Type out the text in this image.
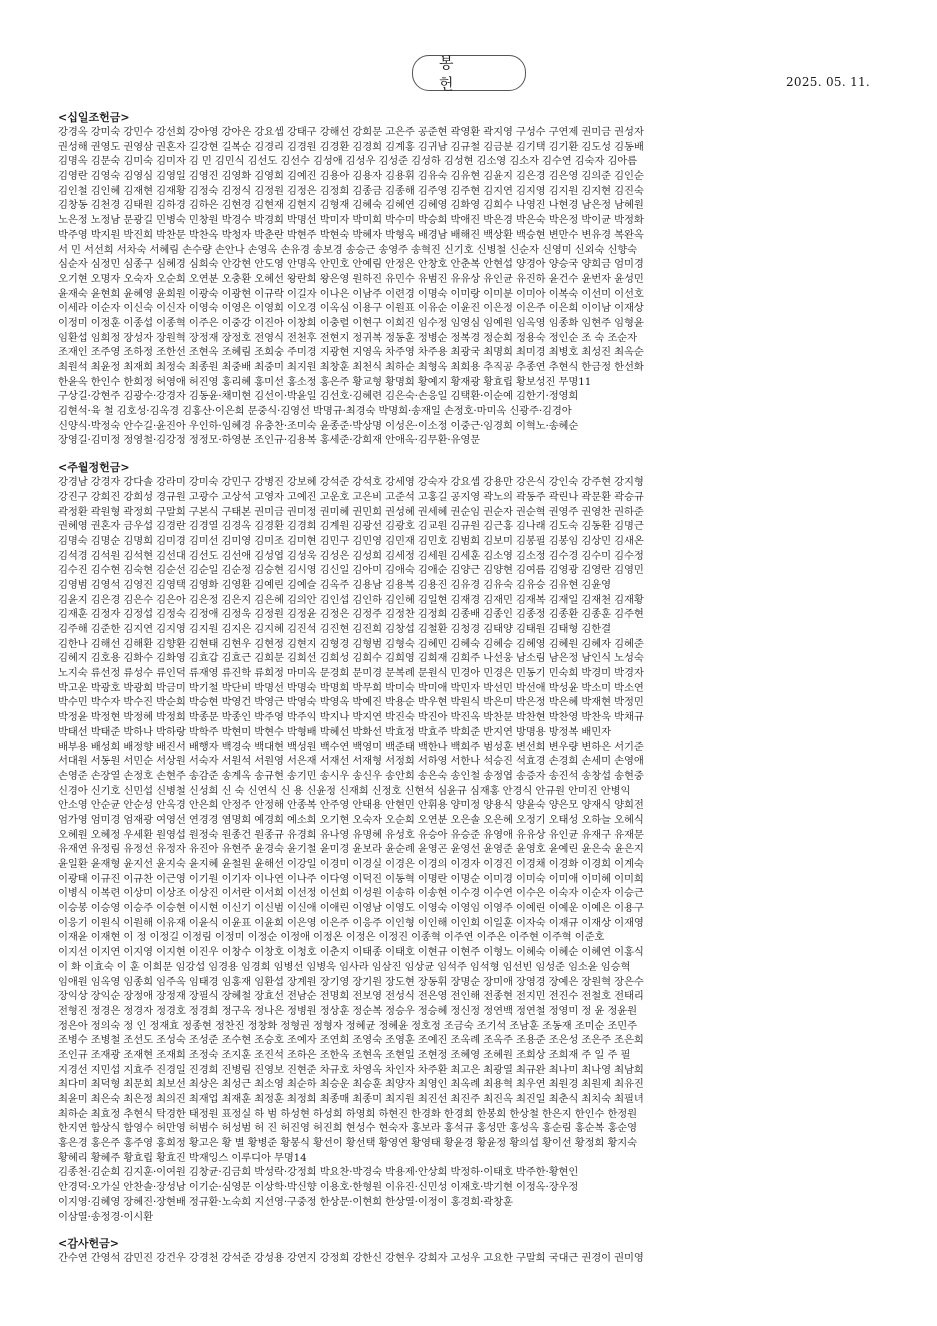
봉 헌	2025. 05. 11.
<십일조헌금>
강경옥 강미숙 강민수 강선희 강아영 강아은 강요셉 강태구 강해선 강희문 고은주 공준현 곽영환 곽지영 구성수 구연제 권미금 권성자
권성해 권영도 권영삼 권혼자 길강현 길복순 김경리 김경원 김경환 김경희 김계홍 김귀남 김규철 김금분 김기택 김기환 김도성 김동배
김명옥 김문숙 김미숙 김미자 김 민 김민식 김선도 김선수 김성애 김성우 김성준 김성하 김성현 김소영 김소자 김수연 김숙자 김아름
김영란 김영숙 김영심 김영일 김영진 김영화 김영희 김예진 김용아 김용자 김용휘 김유숙 김유현 김윤지 김은경 김은영 김의준 김인순
김인철 김인혜 김재현 김재황 김정숙 김정식 김정원 김정은 김정희 김종금 김종해 김주영 김주현 김지연 김지영 김지원 김지현 김진숙
김창동 김천경 김태원 김하경 김하은 김현경 김현재 김현지 김형재 김혜숙 김혜연 김혜영 김화영 김희수 나영진 나현경 남은정 남혜원
노은정 노정남 문광길 민병숙 민창원 박경수 박경희 박명선 박미자 박미희 박수미 박승희 박애진 박은경 박은숙 박은정 박이균 박정화
박주영 박지원 박진희 박찬문 박찬옥 박청자 박춘란 박현주 박현숙 박혜자 박형옥 배경남 배해진 백상환 백승현 변만수 변유경 복완옥
서 민 서선희 서차숙 서혜림 손수량 손안나 손영옥 손유경 송보경 송승근 송영주 송혁진 신기호 신병철 신순자 신영미 신외숙 신향숙
심순자 심정민 심종구 심혜경 심희숙 안강현 안도영 안명옥 안민호 안예림 안정은 안창호 안춘복 안현섭 양경아 양승국 양희금 엄미경
오기현 오명자 오숙자 오순희 오연분 오충환 오혜선 왕란희 왕은영 원하진 유민수 유범진 유유상 유인균 유진하 윤건수 윤번자 윤성민
윤재숙 윤현희 윤혜영 윤희원 이광숙 이광현 이규락 이길자 이나은 이남주 이련경 이명숙 이미랑 이미분 이미아 이복숙 이선미 이선호
이세라 이순자 이신숙 이신자 이영숙 이영은 이영희 이오경 이옥심 이용구 이원표 이유순 이윤진 이은정 이은주 이은희 이이남 이재상
이정미 이정훈 이종섭 이종혁 이주은 이중강 이진아 이창희 이충렬 이현구 이희진 임수정 임영심 임예원 임옥영 임종화 임현주 임형윤
임환섭 임희정 장성자 장원혁 장정재 장정호 전영식 전천후 전현지 정귀복 정동훈 정병순 정복경 정순희 정용숙 정인순 조 숙 조순자
조재인 조주영 조하정 조한선 조현옥 조혜림 조희숭 주미경 지광현 지영옥 차주영 차주용 최광국 최명희 최미경 최병호 최성진 최옥순
최원석 최윤정 최재희 최정숙 최종원 최중배 최중미 최지원 최창훈 최천식 최하순 최형옥 최희용 추직공 추종연 추현식 한금정 한선화
한윤옥 한인수 한희정 허영애 허진영 홍리혜 홍미선 홍소정 홍은주 황교형 황명희 황예지 황재광 황효립 황보성진 무명11
구상길·강현주 김광수·강경자 김동윤·채미현 김선이·박윤일 김선호·김혜련 김은숙·손응일 김택환·이순예 김한기·정영희
김현석·육 철 김호성·김옥경 김홍산·이은희 문중식·김영선 박명규·최경숙 박명희·송재일 손정호·마미옥 신광주·김경아
신양식·박정숙 안수길·윤진아 우인하·임혜경 유충찬·조미숙 윤종준·박상명 이성은·이소정 이중근·임경희 이혁노·송혜순
장영길·김미정 정영철·김강정 정정모·하영분 조인규·김용복 홍세준·강희재 안애옥·김무환·유영문
<주월정헌금>
강경남 강경자 강다솔 강라미 강미숙 강민구 강병진 강보혜 강석준 강석호 강세영 강숙자 강요셉 강용만 강은식 강인숙 강주현 강지형
강진구 강희진 강희성 경규원 고광수 고상석 고영자 고예진 고운호 고은비 고준석 고홍길 공지영 곽노의 곽동주 곽린나 곽문환 곽승규
곽정환 곽원형 곽정희 구말희 구본식 구태본 권미금 권미정 권미혜 권민희 권성혜 권세혜 권순임 권순자 권순혁 권영주 권영찬 권하준
권혜영 권혼자 금우섭 김경란 김경열 김경옥 김경환 김경희 김계원 김광선 김광호 김교원 김규원 김근홍 김나래 김도숙 김동환 김명근
김명숙 김명순 김명희 김미경 김미선 김미영 김미조 김미현 김민구 김민영 김민재 김민호 김범희 김보미 김봉필 김봉임 김상민 김새온
김석경 김석원 김석현 김선대 김선도 김선애 김성엽 김성욱 김성은 김성희 김세정 김세원 김세훈 김소영 김소정 김수경 김수미 김수정
김수진 김수현 김숙현 김순선 김순일 김순정 김승현 김시영 김신일 김아미 김애숙 김애순 김양근 김양현 김여름 김영광 김영란 김영민
김영범 김영석 김영진 김영택 김영화 김영환 김예린 김예슬 김옥주 김용남 김용복 김용진 김유경 김유숙 김유승 김유현 김윤영
김윤지 김은경 김은수 김은아 김은정 김은지 김은혜 김의안 김인섭 김인하 김인혜 김일현 김재경 김재민 김재복 김재일 김재천 김재황
김재훈 김정자 김정섭 김정숙 김정애 김정욱 김정원 김정윤 김정은 김정주 김정찬 김정희 김종배 김종인 김종정 김종환 김종훈 김주현
김주해 김준한 김지연 김지영 김지원 김지은 김지혜 김진석 김진현 김진희 김창섭 김철환 김청경 김태양 김태원 김태형 김한결
김한나 김해선 김해환 김향환 김현태 김현우 김현정 김현지 김형경 김형범 김형숙 김혜민 김혜숙 김혜승 김혜영 김혜원 김혜자 김혜준
김혜지 김호용 김화수 김화영 김효갑 김효근 김희문 김희선 김희성 김희수 김희영 김희재 김희주 나선웅 남소림 남은정 남인식 노성숙
노지숙 류선정 류성수 류인덕 류재영 류진학 류희정 마미옥 문경희 문미경 문복례 문원식 민경아 민경은 민동기 민숙희 박경미 박경자
박고운 박광호 박광희 박금미 박기철 박단비 박명선 박명숙 박명희 박무희 박미숙 박미애 박민자 박선민 박선애 박성윤 박소미 박소연
박수민 박수자 박수진 박순희 박승현 박영건 박영근 박영숙 박영옥 박예진 박용순 박우현 박원식 박은미 박은정 박은혜 박재현 박정민
박정윤 박정현 박정혜 박정희 박종문 박종인 박주영 박주익 박지나 박지연 박진숙 박진아 박진옥 박찬문 박찬현 박찬영 박찬욱 박채규
박태선 박태준 박하나 박하랑 박학주 박현미 박현수 박형배 박혜선 박화선 박효정 박효주 박희준 반지연 방명용 방정복 배민자
배부용 배성희 배정향 배진서 배행자 백경숙 백대현 백성원 백수연 백영미 백준태 백한나 백희주 범성훈 변선희 변우량 변하은 서기준
서대원 서동원 서민순 서상원 서숙자 서원석 서원영 서은재 서재선 서재형 서정희 서하영 서한나 석승진 석효경 손경희 손세미 손영애
손영준 손장열 손정호 손현주 송감준 송계옥 송규현 송기민 송시우 송신우 송안희 송은숙 송인철 송정엽 송증자 송진석 송창섭 송현중
신경아 신기호 신민섭 신병철 신성희 신 숙 신연식 신 용 신윤정 신재희 신정호 신현석 심윤규 심재홍 안경식 안규원 안미진 안병익
안소영 안순균 안순성 안옥경 안은희 안정주 안정해 안종복 안주영 안태용 안현민 안휘용 양미정 양용식 양윤숙 양은모 양재식 양희전
엄가영 엄미경 엄재광 여영선 연경경 염명희 예경희 예소희 오기현 오숙자 오순희 오연분 오은솔 오은혜 오정기 오태성 오하늘 오혜식
오혜원 오혜정 우세환 원영섭 원정숙 원종건 원종규 유경희 유나영 유명혜 유성호 유승아 유승준 유영애 유유상 유인균 유재구 유재문
유재연 유정림 유정선 유정자 유진아 유현주 윤경숙 윤기철 윤미경 윤보라 윤순례 윤영곤 윤영선 윤영준 윤영호 윤예린 윤은숙 윤은지
윤일환 윤재형 윤지선 윤지숙 윤지혜 윤철원 윤해선 이강일 이경미 이경실 이경은 이경의 이경자 이경진 이경채 이경화 이경희 이계숙
이광태 이규진 이규찬 이근영 이기원 이기자 이나연 이나주 이다영 이덕진 이동혁 이명란 이명순 이미경 이미숙 이미애 이미혜 이미희
이병식 이복련 이상미 이상조 이상진 이서란 이서희 이선정 이선희 이성원 이송하 이송현 이수경 이수연 이수은 이숙자 이순자 이승근
이승봉 이승영 이승주 이승현 이시현 이신기 이신범 이신애 이애린 이영남 이영도 이영숙 이영임 이영주 이예린 이예운 이예은 이용구
이응기 이원식 이원해 이유재 이윤식 이윤표 이윤희 이은영 이은주 이응주 이인형 이인해 이인희 이일훈 이자숙 이재규 이재상 이재영
이재윤 이재현 이 정 이정길 이정림 이정미 이정순 이정애 이정온 이정은 이정진 이종혁 이주연 이주은 이주현 이주혁 이준호
이지선 이지연 이지영 이지현 이진우 이창수 이창호 이청호 이춘지 이태종 이태호 이현규 이현주 이형노 이혜숙 이혜순 이혜연 이홍식
이 화 이효숙 이 훈 이희문 임강섭 임경용 임경희 임병선 임병욱 임사라 임삼진 임상균 임석주 임석형 임선빈 임성준 임소윤 임승혁
임애원 임옥영 임종희 임주옥 임태경 임홍재 임환섭 장계원 장기영 장기원 장도현 장동휘 장명순 장미애 장영경 장예은 장원혁 장은수
장익상 장익순 장정애 장정재 장필식 장혜철 장효선 전남순 전명희 전보영 전성식 전은영 전인해 전종현 전지민 전진수 전철호 전태리
전형진 정경은 정경자 정경호 정경희 정구옥 정나은 정병원 정상훈 정순복 정승우 정승혜 정신정 정연백 정연철 정영미 정 윤 정윤원
정은아 정의숙 정 인 정재효 정종현 정찬진 정창화 정형권 정형자 정혜균 정혜윤 정호정 조금숙 조기석 조남훈 조동재 조미순 조민주
조병수 조병철 조선도 조성숙 조성준 조수현 조승호 조예자 조연희 조영숙 조영훈 조예진 조옥례 조옥주 조용준 조은성 조은주 조은희
조인규 조재광 조재현 조재희 조정숙 조지훈 조진석 조하은 조한옥 조현옥 조현일 조현정 조혜영 조혜원 조희상 조희재 주 일 주 필
지경선 지민섭 지효주 진경일 진경희 진병림 진영보 진현준 차규호 차영옥 차인자 차주환 최고은 최광열 최규완 최나미 최나영 최남희
최다미 최덕형 최문희 최보선 최상은 최성근 최소영 최순하 최승운 최승훈 최양자 최영인 최옥례 최용혁 최우연 최원경 최원제 최유진
최윤미 최은숙 최은정 최의진 최재업 최재훈 최정훈 최정희 최종매 최종미 최지원 최진선 최진주 최진옥 최진일 최춘식 최치숙 최필녀
최하순 최효정 추현식 탁경한 태정원 표정실 하 범 하성현 하성희 하영희 하현진 한경화 한경희 한봉희 한상철 한은지 한인수 한정원
한지연 함상식 함영수 허만영 허범수 허성범 허 진 허진영 허진희 현성수 현숙자 홍보라 홍석규 홍성만 홍성옥 홍순림 홍순복 홍순영
홍은경 홍은주 홍주영 홍희정 황고은 황 별 황병준 황봉식 황선이 황선택 황영연 황영태 황윤경 황윤정 황의섭 황이선 황정희 황지숙
황혜리 황혜주 황효립 황효진 박재잉스 이루디아 무명14
김종천·김순희 김지훈·이여원 김창균·김금희 박성락·강정희 박요찬·박경숙 박용제·안상희 박정하·이태호 박주한·황현인
안경덕·오가실 안찬솔·장성남 이기순·심영문 이상학·박신향 이용호·한형원 이유진·신민성 이재호·박기현 이정옥·장우정
이지영·김혜영 장혜진·장현배 정규환·노숙희 지선영·구중정 한상문·이현희 한상열·이정이 홍경희·곽창훈
이삼열·송정경·이시환
<감사헌금>
간수연 간영석 감민진 강건우 강경천 강석준 강성용 강연지 강정희 강한신 강현우 강희자 고성우 고요한 구말희 국대근 권경이 권미영
